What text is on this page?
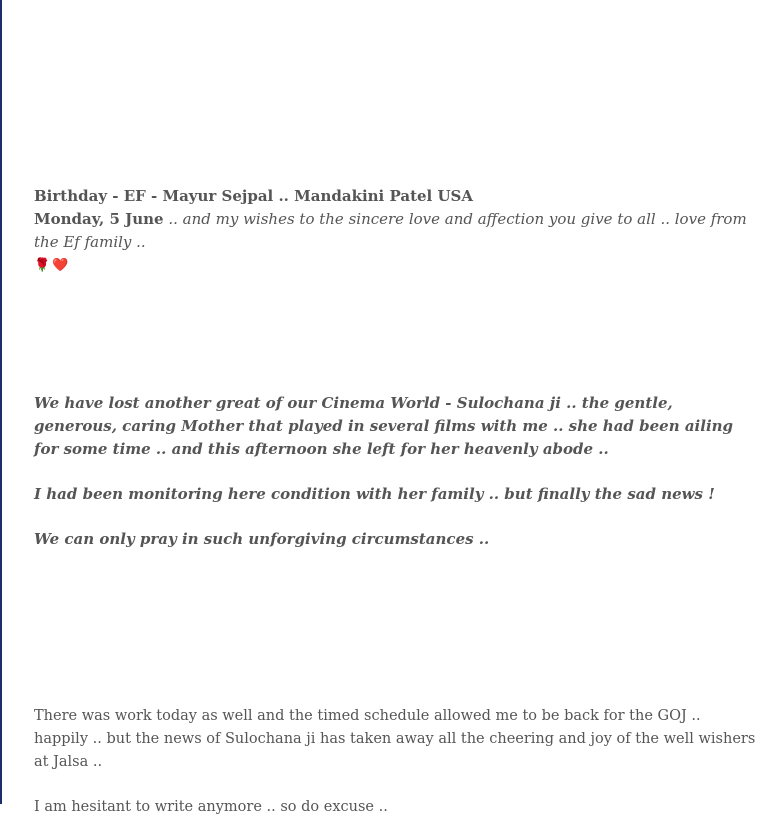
Birthday - EF - Mayur Sejpal .. Mandakini Patel USA

Monday, 5 June .. and my wishes to the sincere love and affection you give to all .. love from the Ef family ..

🌹❤️

We have lost another great of our Cinema World - Sulochana ji .. the gentle, generous, caring Mother that played in several films with me .. she had been ailing for some time .. and this afternoon she left for her heavenly abode ..

I had been monitoring here condition with her family .. but finally the sad news !

We can only pray in such unforgiving circumstances ..

There was work today as well and the timed schedule allowed me to be back for the GOJ .. happily .. but the news of Sulochana ji has taken away all the cheering and joy of the well wishers at Jalsa ..

I am hesitant to write anymore .. so do excuse ..
